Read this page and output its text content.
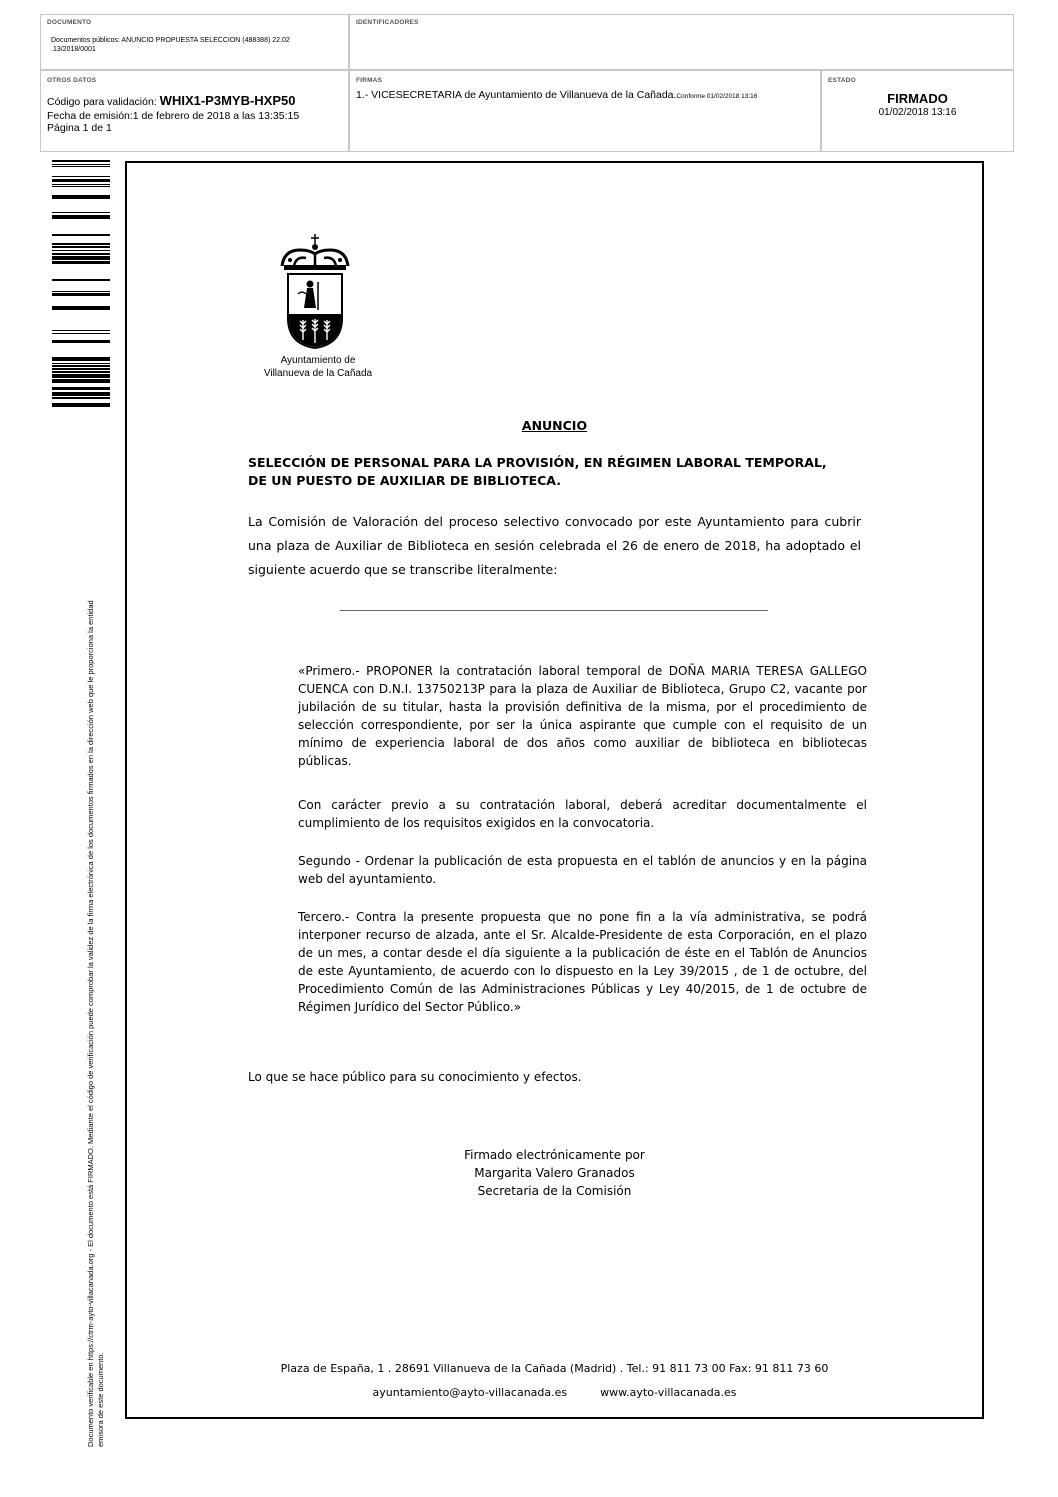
DOCUMENTO
Documentos públicos: ANUNCIO PROPUESTA SELECCION (488388) 22.02
.13/2018/0001
IDENTIFICADORES
OTROS DATOS
Código para validación: WHIX1-P3MYB-HXP50
Fecha de emisión:1 de febrero de 2018 a las 13:35:15
Página 1 de 1
FIRMAS
1.- VICESECRETARIA de Ayuntamiento de Villanueva de la Cañada.Conforme 01/02/2018 13:16
ESTADO
FIRMADO
01/02/2018 13:16
Documento verificable en https://ctrm-ayto-villacanada.org - El documento está FIRMADO. Mediante el código de verificación puede comprobar la validez de la firma electrónica de los documentos firmados en la dirección web que le proporciona la entidad emisora de este documento.
Ayuntamiento de
Villanueva de la Cañada
ANUNCIO
SELECCIÓN DE PERSONAL PARA LA PROVISIÓN, EN RÉGIMEN LABORAL TEMPORAL,
DE UN PUESTO DE AUXILIAR DE BIBLIOTECA.
La Comisión de Valoración del proceso selectivo convocado por este Ayuntamiento para cubrir una plaza de Auxiliar de Biblioteca en sesión celebrada el 26 de enero de 2018, ha adoptado el siguiente acuerdo que se transcribe literalmente:
«Primero.- PROPONER la contratación laboral temporal de DOÑA MARIA TERESA GALLEGO CUENCA con D.N.I. 13750213P para la plaza de Auxiliar de Biblioteca, Grupo C2, vacante por jubilación de su titular, hasta la provisión definitiva de la misma, por el procedimiento de selección correspondiente, por ser la única aspirante que cumple con el requisito de un mínimo de experiencia laboral de dos años como auxiliar de biblioteca en bibliotecas públicas.
Con carácter previo a su contratación laboral, deberá acreditar documentalmente el cumplimiento de los requisitos exigidos en la convocatoria.
Segundo - Ordenar la publicación de esta propuesta en el tablón de anuncios y en la página web del ayuntamiento.
Tercero.- Contra la presente propuesta que no pone fin a la vía administrativa, se podrá interponer recurso de alzada, ante el Sr. Alcalde-Presidente de esta Corporación, en el plazo de un mes, a contar desde el día siguiente a la publicación de éste en el Tablón de Anuncios de este Ayuntamiento, de acuerdo con lo dispuesto en la Ley 39/2015 , de 1 de octubre, del Procedimiento Común de las Administraciones Públicas y Ley 40/2015, de 1 de octubre de Régimen Jurídico del Sector Público.»
Lo que se hace público para su conocimiento y efectos.
Firmado electrónicamente por
Margarita Valero Granados
Secretaria de la Comisión
Plaza de España, 1 . 28691 Villanueva de la Cañada (Madrid) . Tel.: 91 811 73 00 Fax: 91 811 73 60
ayuntamiento@ayto-villacanada.es	www.ayto-villacanada.es
